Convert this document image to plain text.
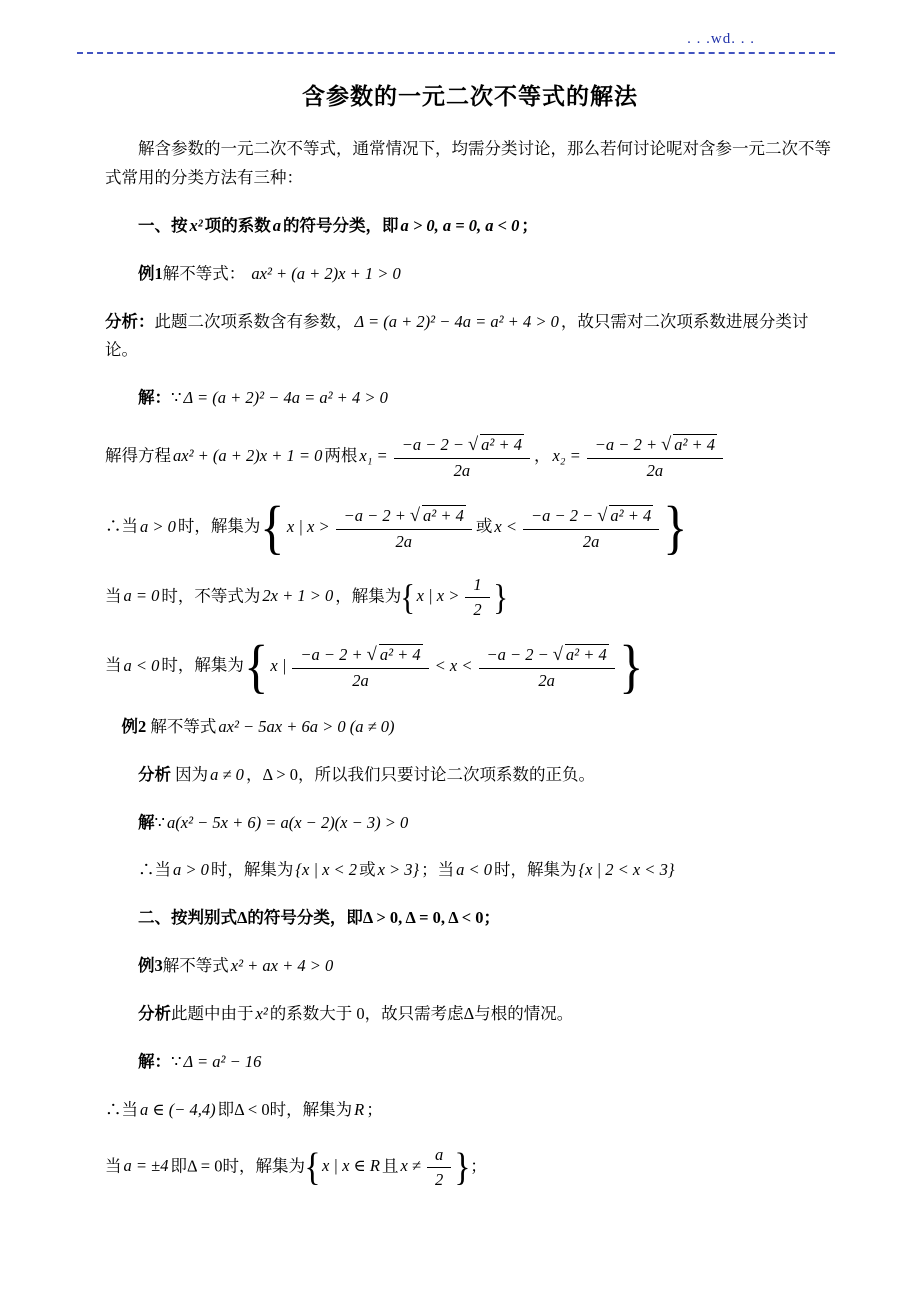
. . .wd. . .
含参数的一元二次不等式的解法
解含参数的一元二次不等式，通常情况下，均需分类讨论，那么若何讨论呢对含参一元二次不等式常用的分类方法有三种：
一、按 x² 项的系数 a 的符号分类，即 a > 0, a = 0, a < 0 ；
例1解不等式： ax² + (a + 2)x + 1 > 0
分析：此题二次项系数含有参数， Δ = (a + 2)² − 4a = a² + 4 > 0 ，故只需对二次项系数进展分类讨论。
解：∵ Δ = (a + 2)² − 4a = a² + 4 > 0
解得方程 ax² + (a + 2)x + 1 = 0 两根 $x_1 = \frac{\text{−a − 2 − √ a² + 4}}{2a}$ ， $x_2 = \frac{\text{−a − 2 + √ a² + 4}}{2a}$
∴当 a > 0 时，解集为{ x | $x > \frac{\text{−a − 2 + √ a² + 4}}{2a}$ 或 $x < \frac{\text{−a − 2 − √ a² + 4}}{2a}$ }
当 a = 0 时，不等式为 2x + 1 > 0 ，解集为{x | $x > \frac{1}{2}$ }
当 a < 0 时，解集为{ x | $\frac{\text{−a − 2 + √ a² + 4}}{2a} < x < \frac{\text{−a − 2 − √ a² + 4}}{2a}$ }
例2 解不等式 ax² − 5ax + 6a > 0 (a ≠ 0)
分析 因为 a ≠ 0 ，Δ > 0，所以我们只要讨论二次项系数的正负。
解∵ a(x² − 5x + 6) = a(x − 2)(x − 3) > 0
∴当 a > 0 时，解集为 {x | x < 2 或 x > 3} ；当 a < 0 时，解集为 {x | 2 < x < 3}
二、按判别式Δ的符号分类，即Δ > 0, Δ = 0, Δ < 0；
例3解不等式 x² + ax + 4 > 0
分析此题中由于 x² 的系数大于 0，故只需考虑Δ与根的情况。
解：∵ Δ = a² − 16
∴当 a ∈ (− 4,4) 即Δ < 0时，解集为 R ；
当 a = ±4 即Δ = 0时，解集为{x | x ∈ R 且 $x \ne \frac{a}{2}$ }；
